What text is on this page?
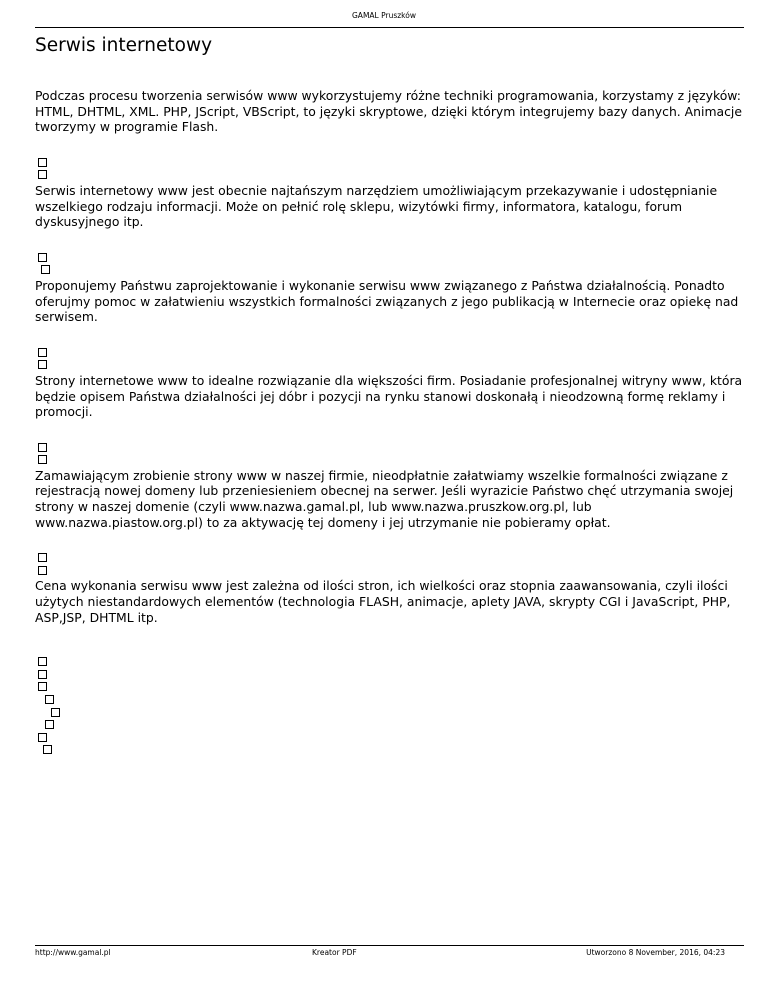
GAMAL Pruszków
Serwis internetowy

Podczas procesu tworzenia serwisów www wykorzystujemy różne techniki programowania, korzystamy z języków: HTML, DHTML, XML. PHP, JScript, VBScript, to języki skryptowe, dzięki którym integrujemy bazy danych. Animacje tworzymy w programie Flash.

Serwis internetowy www jest obecnie najtańszym narzędziem umożliwiającym przekazywanie i udostępnianie wszelkiego rodzaju informacji. Może on pełnić rolę sklepu, wizytówki firmy, informatora, katalogu, forum dyskusyjnego itp.

Proponujemy Państwu zaprojektowanie i wykonanie serwisu www związanego z Państwa działalnością. Ponadto oferujmy pomoc w załatwieniu wszystkich formalności związanych z jego publikacją w Internecie oraz opiekę nad serwisem.

Strony internetowe www to idealne rozwiązanie dla większości firm. Posiadanie profesjonalnej witryny www, która będzie opisem Państwa działalności jej dóbr i pozycji na rynku stanowi doskonałą i nieodzowną formę reklamy i promocji.

Zamawiającym zrobienie strony www w naszej firmie, nieodpłatnie załatwiamy wszelkie formalności związane z rejestracją nowej domeny lub przeniesieniem obecnej na serwer. Jeśli wyrazicie Państwo chęć utrzymania swojej strony w naszej domenie (czyli www.nazwa.gamal.pl, lub www.nazwa.pruszkow.org.pl, lub www.nazwa.piastow.org.pl) to za aktywację tej domeny i jej utrzymanie nie pobieramy opłat.

Cena wykonania serwisu www jest zależna od ilości stron, ich wielkości oraz stopnia zaawansowania, czyli ilości użytych niestandardowych elementów (technologia FLASH, animacje, aplety JAVA, skrypty CGI i JavaScript, PHP, ASP,JSP, DHTML itp.

http://www.gamal.pl	Kreator PDF	Utworzono 8 November, 2016, 04:23
